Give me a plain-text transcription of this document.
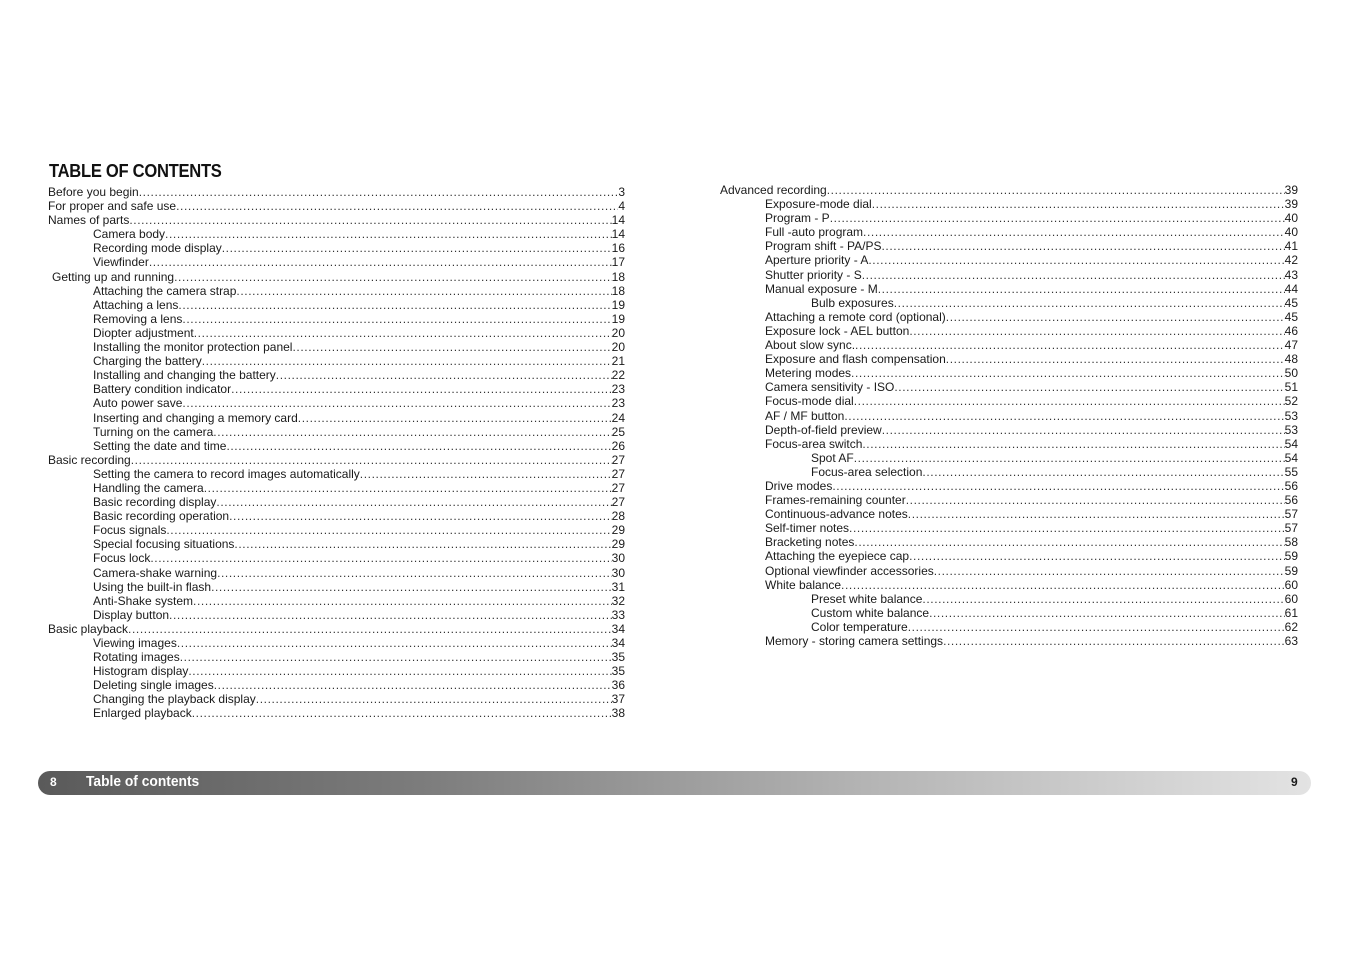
TABLE OF CONTENTS
Before you begin .....	3
For proper and safe use .....	4
Names of parts .....	14
Camera body .....	14
Recording mode display .....	16
Viewfinder .....	17
Getting up and running .....	18
Attaching the camera strap .....	18
Attaching a lens .....	19
Removing a lens .....	19
Diopter adjustment .....	20
Installing the monitor protection panel .....	20
Charging the battery .....	21
Installing and changing the battery .....	22
Battery condition indicator .....	23
Auto power save .....	23
Inserting and changing a memory card .....	24
Turning on the camera .....	25
Setting the date and time .....	26
Basic recording .....	27
Setting the camera to record images automatically .....	27
Handling the camera .....	27
Basic recording display .....	27
Basic recording operation .....	28
Focus signals .....	29
Special focusing situations .....	29
Focus lock .....	30
Camera-shake warning .....	30
Using the built-in flash .....	31
Anti-Shake system .....	32
Display button .....	33
Basic playback .....	34
Viewing images .....	34
Rotating images .....	35
Histogram display .....	35
Deleting single images .....	36
Changing the playback display .....	37
Enlarged playback .....	38
Advanced recording .....	39
Exposure-mode dial .....	39
Program - P .....	40
Full -auto program .....	40
Program shift - PA/PS .....	41
Aperture priority - A .....	42
Shutter priority - S .....	43
Manual exposure - M .....	44
Bulb exposures .....	45
Attaching a remote cord (optional) .....	45
Exposure lock - AEL button .....	46
About slow sync. .....	47
Exposure and flash compensation .....	48
Metering modes .....	50
Camera sensitivity - ISO .....	51
Focus-mode dial .....	52
AF / MF button .....	53
Depth-of-field preview .....	53
Focus-area switch .....	54
Spot AF .....	54
Focus-area selection .....	55
Drive modes .....	56
Frames-remaining counter .....	56
Continuous-advance notes .....	57
Self-timer notes .....	57
Bracketing notes .....	58
Attaching the eyepiece cap .....	59
Optional viewfinder accessories .....	59
White balance .....	60
Preset white balance .....	60
Custom white balance .....	61
Color temperature .....	62
Memory - storing camera settings .....	63
8 Table of contents	9
